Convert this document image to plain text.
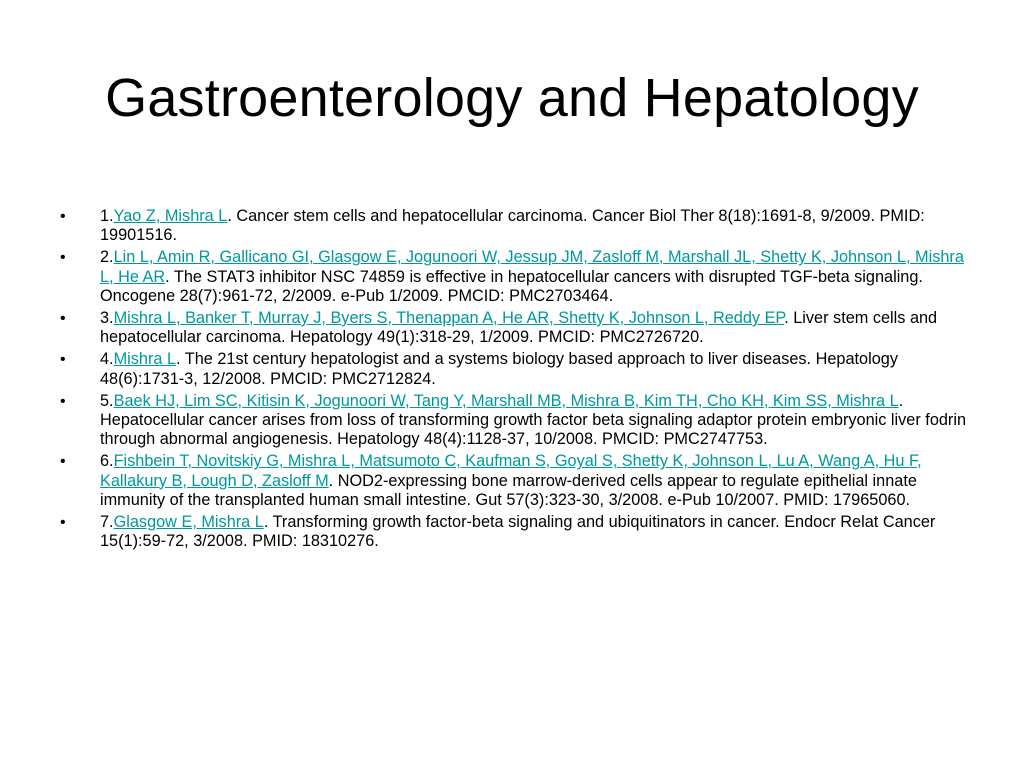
Gastroenterology and Hepatology
• 1.Yao Z, Mishra L. Cancer stem cells and hepatocellular carcinoma. Cancer Biol Ther 8(18):1691-8, 9/2009. PMID: 19901516.
• 2.Lin L, Amin R, Gallicano GI, Glasgow E, Jogunoori W, Jessup JM, Zasloff M, Marshall JL, Shetty K, Johnson L, Mishra L, He AR. The STAT3 inhibitor NSC 74859 is effective in hepatocellular cancers with disrupted TGF-beta signaling. Oncogene 28(7):961-72, 2/2009. e-Pub 1/2009. PMCID: PMC2703464.
• 3.Mishra L, Banker T, Murray J, Byers S, Thenappan A, He AR, Shetty K, Johnson L, Reddy EP. Liver stem cells and hepatocellular carcinoma. Hepatology 49(1):318-29, 1/2009. PMCID: PMC2726720.
• 4.Mishra L. The 21st century hepatologist and a systems biology based approach to liver diseases. Hepatology 48(6):1731-3, 12/2008. PMCID: PMC2712824.
• 5.Baek HJ, Lim SC, Kitisin K, Jogunoori W, Tang Y, Marshall MB, Mishra B, Kim TH, Cho KH, Kim SS, Mishra L. Hepatocellular cancer arises from loss of transforming growth factor beta signaling adaptor protein embryonic liver fodrin through abnormal angiogenesis. Hepatology 48(4):1128-37, 10/2008. PMCID: PMC2747753.
• 6.Fishbein T, Novitskiy G, Mishra L, Matsumoto C, Kaufman S, Goyal S, Shetty K, Johnson L, Lu A, Wang A, Hu F, Kallakury B, Lough D, Zasloff M. NOD2-expressing bone marrow-derived cells appear to regulate epithelial innate immunity of the transplanted human small intestine. Gut 57(3):323-30, 3/2008. e-Pub 10/2007. PMID: 17965060.
• 7.Glasgow E, Mishra L. Transforming growth factor-beta signaling and ubiquitinators in cancer. Endocr Relat Cancer 15(1):59-72, 3/2008. PMID: 18310276.
